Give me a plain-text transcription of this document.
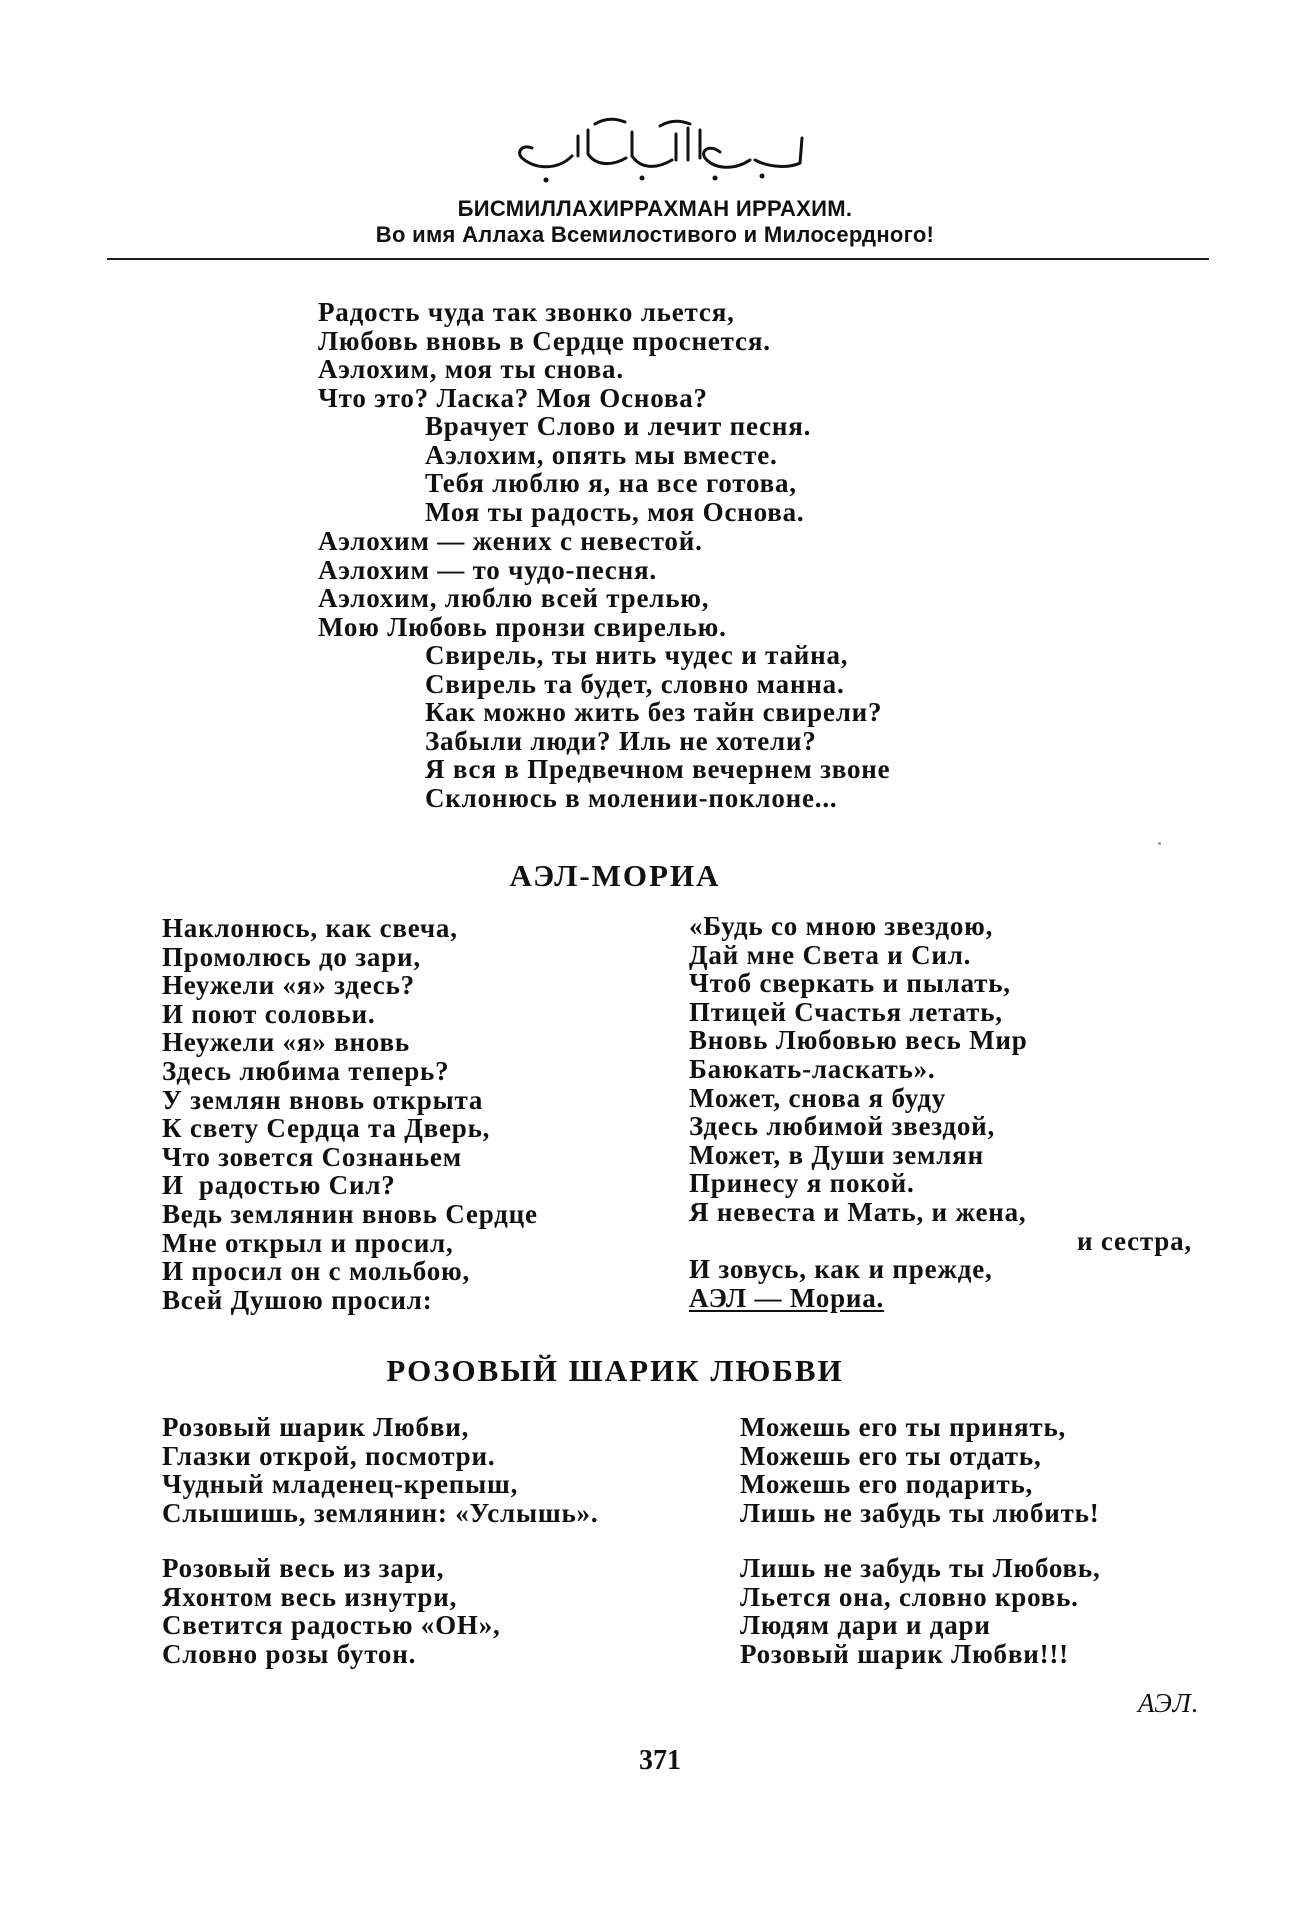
БИСМИЛЛАХИРРАХМАН ИРРАХИМ.
Во имя Аллаха Всемилостивого и Милосердного!
Радость чуда так звонко льется,
Любовь вновь в Сердце проснется.
Аэлохим, моя ты снова.
Что это? Ласка? Моя Основа?
Врачует Слово и лечит песня.
Аэлохим, опять мы вместе.
Тебя люблю я, на все готова,
Моя ты радость, моя Основа.
Аэлохим — жених с невестой.
Аэлохим — то чудо-песня.
Аэлохим, люблю всей трелью,
Мою Любовь пронзи свирелью.
Свирель, ты нить чудес и тайна,
Свирель та будет, словно манна.
Как можно жить без тайн свирели?
Забыли люди? Иль не хотели?
Я вся в Предвечном вечернем звоне
Склонюсь в молении-поклоне...
АЭЛ-МОРИА
Наклонюсь, как свеча,
Промолюсь до зари,
Неужели «я» здесь?
И поют соловьи.
Неужели «я» вновь
Здесь любима теперь?
У землян вновь открыта
К свету Сердца та Дверь,
Что зовется Сознаньем
И  радостью Сил?
Ведь землянин вновь Сердце
Мне открыл и просил,
И просил он с мольбою,
Всей Душою просил:
«Будь со мною звездою,
Дай мне Света и Сил.
Чтоб сверкать и пылать,
Птицей Счастья летать,
Вновь Любовью весь Мир
Баюкать-ласкать».
Может, снова я буду
Здесь любимой звездой,
Может, в Души землян
Принесу я покой.
Я невеста и Мать, и жена,
и сестра,
И зовусь, как и прежде,
АЭЛ — Мориа.
РОЗОВЫЙ ШАРИК ЛЮБВИ
Розовый шарик Любви,
Глазки открой, посмотри.
Чудный младенец-крепыш,
Слышишь, землянин: «Услышь».
Розовый весь из зари,
Яхонтом весь изнутри,
Светится радостью «ОН»,
Словно розы бутон.
Можешь его ты принять,
Можешь его ты отдать,
Можешь его подарить,
Лишь не забудь ты любить!
Лишь не забудь ты Любовь,
Льется она, словно кровь.
Людям дари и дари
Розовый шарик Любви!!!
АЭЛ.
371
